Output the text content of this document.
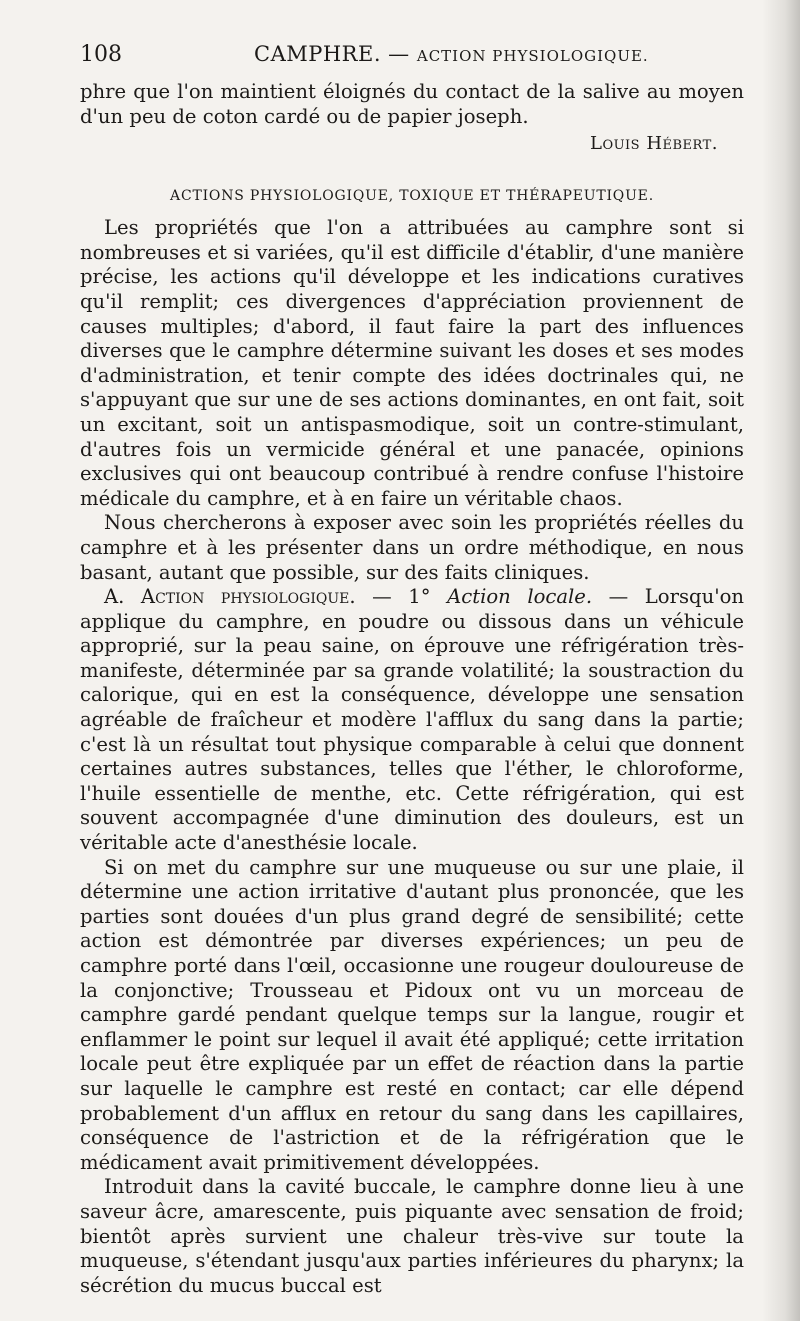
108	CAMPHRE. — ACTION PHYSIOLOGIQUE.

phre que l'on maintient éloignés du contact de la salive au moyen d'un peu de coton cardé ou de papier joseph.

Louis Hébert.
ACTIONS PHYSIOLOGIQUE, TOXIQUE ET THÉRAPEUTIQUE.

Les propriétés que l'on a attribuées au camphre sont si nombreuses et si variées, qu'il est difficile d'établir, d'une manière précise, les actions qu'il développe et les indications curatives qu'il remplit; ces divergences d'appréciation proviennent de causes multiples; d'abord, il faut faire la part des influences diverses que le camphre détermine suivant les doses et ses modes d'administration, et tenir compte des idées doctrinales qui, ne s'appuyant que sur une de ses actions dominantes, en ont fait, soit un excitant, soit un antispasmodique, soit un contre-stimulant, d'autres fois un vermicide général et une panacée, opinions exclusives qui ont beaucoup contribué à rendre confuse l'histoire médicale du camphre, et à en faire un véritable chaos.

Nous chercherons à exposer avec soin les propriétés réelles du camphre et à les présenter dans un ordre méthodique, en nous basant, autant que possible, sur des faits cliniques.

A. Action physiologique. — 1° Action locale. — Lorsqu'on applique du camphre, en poudre ou dissous dans un véhicule approprié, sur la peau saine, on éprouve une réfrigération très-manifeste, déterminée par sa grande volatilité; la soustraction du calorique, qui en est la conséquence, développe une sensation agréable de fraîcheur et modère l'afflux du sang dans la partie; c'est là un résultat tout physique comparable à celui que donnent certaines autres substances, telles que l'éther, le chloroforme, l'huile essentielle de menthe, etc. Cette réfrigération, qui est souvent accompagnée d'une diminution des douleurs, est un véritable acte d'anesthésie locale.

Si on met du camphre sur une muqueuse ou sur une plaie, il détermine une action irritative d'autant plus prononcée, que les parties sont douées d'un plus grand degré de sensibilité; cette action est démontrée par diverses expériences; un peu de camphre porté dans l'œil, occasionne une rougeur douloureuse de la conjonctive; Trousseau et Pidoux ont vu un morceau de camphre gardé pendant quelque temps sur la langue, rougir et enflammer le point sur lequel il avait été appliqué; cette irritation locale peut être expliquée par un effet de réaction dans la partie sur laquelle le camphre est resté en contact; car elle dépend probablement d'un afflux en retour du sang dans les capillaires, conséquence de l'astriction et de la réfrigération que le médicament avait primitivement développées.

Introduit dans la cavité buccale, le camphre donne lieu à une saveur âcre, amarescente, puis piquante avec sensation de froid; bientôt après survient une chaleur très-vive sur toute la muqueuse, s'étendant jusqu'aux parties inférieures du pharynx; la sécrétion du mucus buccal est
